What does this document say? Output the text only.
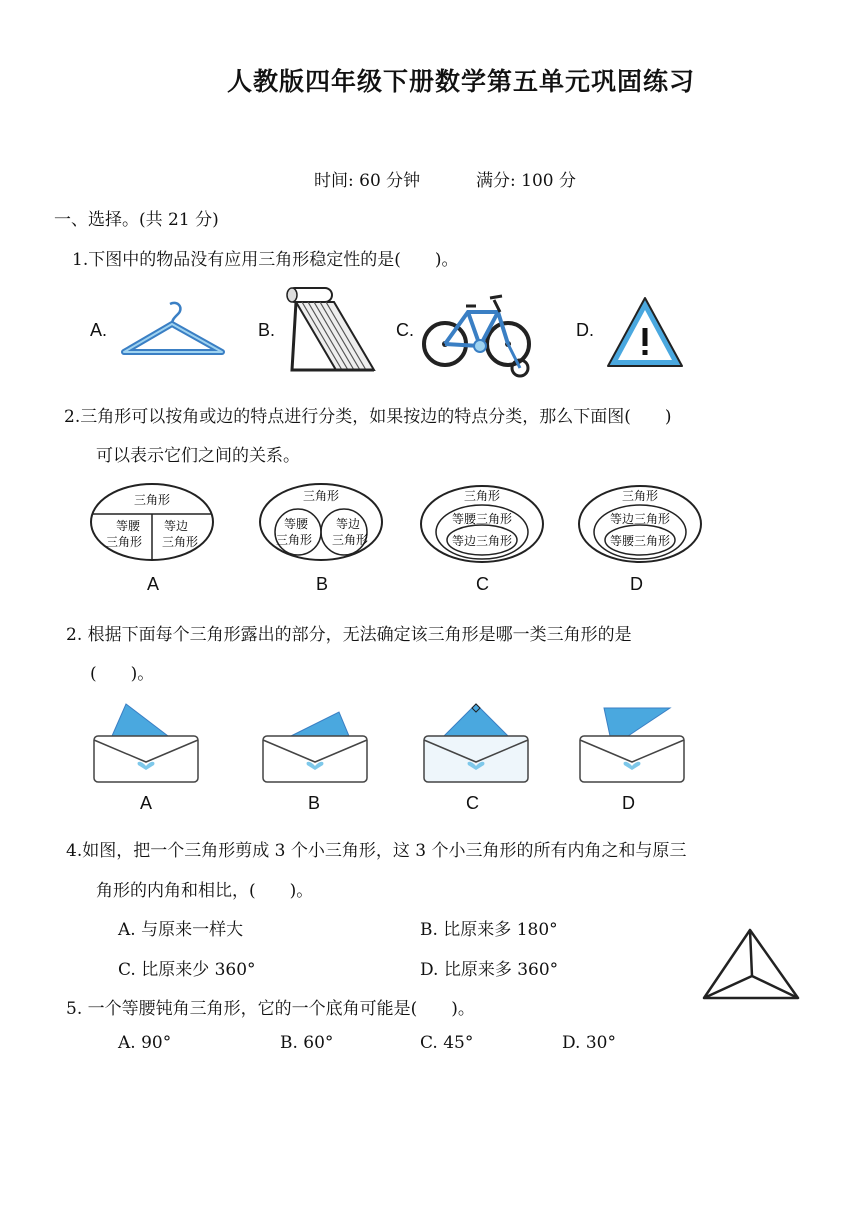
人教版四年级下册数学第五单元巩固练习
时间: 60 分钟	满分: 100 分
一、选择。(共 21 分)
1.下图中的物品没有应用三角形稳定性的是(　　)。
A.	B.	C.	D.
2.三角形可以按角或边的特点进行分类，如果按边的特点分类，那么下面图(　　)
可以表示它们之间的关系。
三角形
等腰
三角形
等边
三角形
A
三角形
等腰
三角形
等边
三角形
B
三角形
等腰三角形
等边三角形
C
三角形
等边三角形
等腰三角形
D
2. 根据下面每个三角形露出的部分，无法确定该三角形是哪一类三角形的是
(　　)。
A	B	C	D
4.如图，把一个三角形剪成 3 个小三角形，这 3 个小三角形的所有内角之和与原三
角形的内角和相比，(　　)。
A. 与原来一样大	B. 比原来多 180°
C. 比原来少 360°	D. 比原来多 360°
5. 一个等腰钝角三角形，它的一个底角可能是(　　)。
A. 90°	B. 60°	C. 45°	D. 30°
